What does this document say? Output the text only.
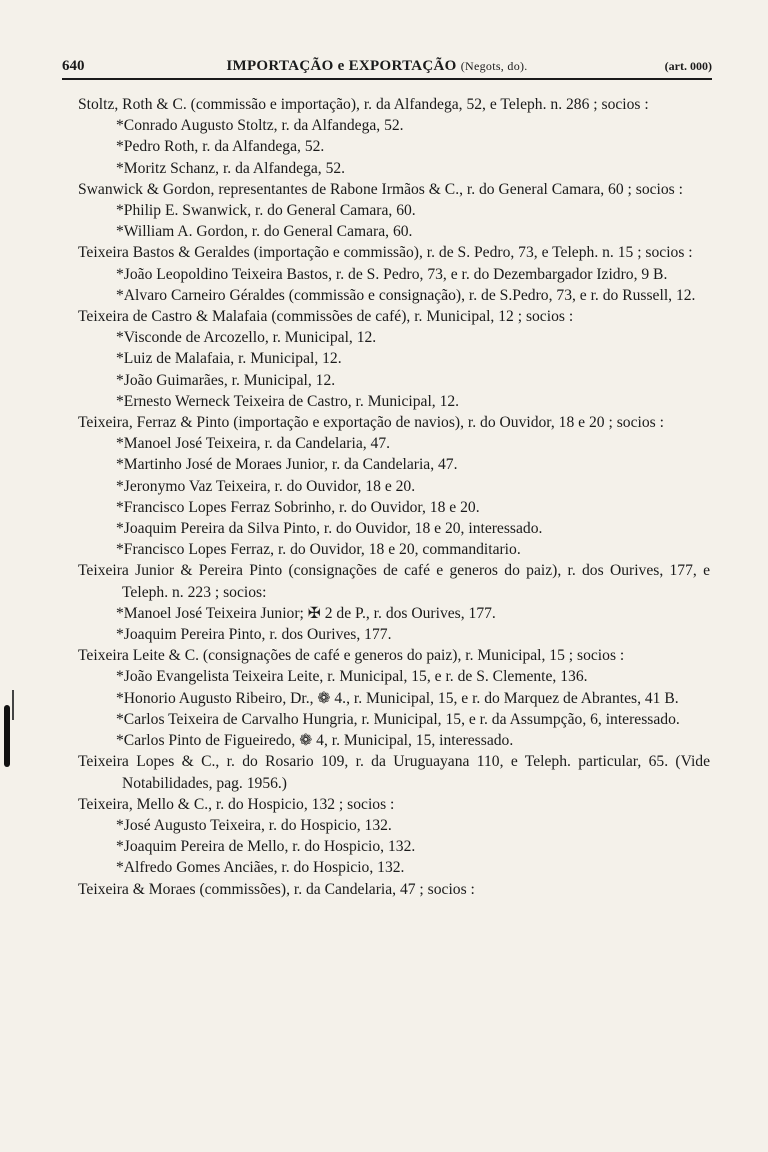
640	IMPORTAÇÃO e EXPORTAÇÃO (Negots, do).	(art. 000)

Stoltz, Roth & C. (commissão e importação), r. da Alfandega, 52, e Teleph. n. 286 ; socios :

*Conrado Augusto Stoltz, r. da Alfandega, 52.

*Pedro Roth, r. da Alfandega, 52.

*Moritz Schanz, r. da Alfandega, 52.

Swanwick & Gordon, representantes de Rabone Irmãos & C., r. do General Camara, 60 ; socios :

*Philip E. Swanwick, r. do General Camara, 60.

*William A. Gordon, r. do General Camara, 60.

Teixeira Bastos & Geraldes (importação e commissão), r. de S. Pedro, 73, e Teleph. n. 15 ; socios :

*João Leopoldino Teixeira Bastos, r. de S. Pedro, 73, e r. do Dezembargador Izidro, 9 B.

*Alvaro Carneiro Géraldes (commissão e consignação), r. de S.Pedro, 73, e r. do Russell, 12.

Teixeira de Castro & Malafaia (commissões de café), r. Municipal, 12 ; socios :

*Visconde de Arcozello, r. Municipal, 12.

*Luiz de Malafaia, r. Municipal, 12.

*João Guimarães, r. Municipal, 12.

*Ernesto Werneck Teixeira de Castro, r. Municipal, 12.

Teixeira, Ferraz & Pinto (importação e exportação de navios), r. do Ouvidor, 18 e 20 ; socios :

*Manoel José Teixeira, r. da Candelaria, 47.

*Martinho José de Moraes Junior, r. da Candelaria, 47.

*Jeronymo Vaz Teixeira, r. do Ouvidor, 18 e 20.

*Francisco Lopes Ferraz Sobrinho, r. do Ouvidor, 18 e 20.

*Joaquim Pereira da Silva Pinto, r. do Ouvidor, 18 e 20, interessado.

*Francisco Lopes Ferraz, r. do Ouvidor, 18 e 20, commanditario.

Teixeira Junior & Pereira Pinto (consignações de café e generos do paiz), r. dos Ourives, 177, e Teleph. n. 223 ; socios:

*Manoel José Teixeira Junior; ✠ 2 de P., r. dos Ourives, 177.

*Joaquim Pereira Pinto, r. dos Ourives, 177.

Teixeira Leite & C. (consignações de café e generos do paiz), r. Municipal, 15 ; socios :

*João Evangelista Teixeira Leite, r. Municipal, 15, e r. de S. Clemente, 136.

*Honorio Augusto Ribeiro, Dr., ❁ 4., r. Municipal, 15, e r. do Marquez de Abrantes, 41 B.

*Carlos Teixeira de Carvalho Hungria, r. Municipal, 15, e r. da Assumpção, 6, interessado.

*Carlos Pinto de Figueiredo, ❁ 4, r. Municipal, 15, interessado.

Teixeira Lopes & C., r. do Rosario 109, r. da Uruguayana 110, e Teleph. particular, 65. (Vide Notabilidades, pag. 1956.)

Teixeira, Mello & C., r. do Hospicio, 132 ; socios :

*José Augusto Teixeira, r. do Hospicio, 132.

*Joaquim Pereira de Mello, r. do Hospicio, 132.

*Alfredo Gomes Anciães, r. do Hospicio, 132.

Teixeira & Moraes (commissões), r. da Candelaria, 47 ; socios :
